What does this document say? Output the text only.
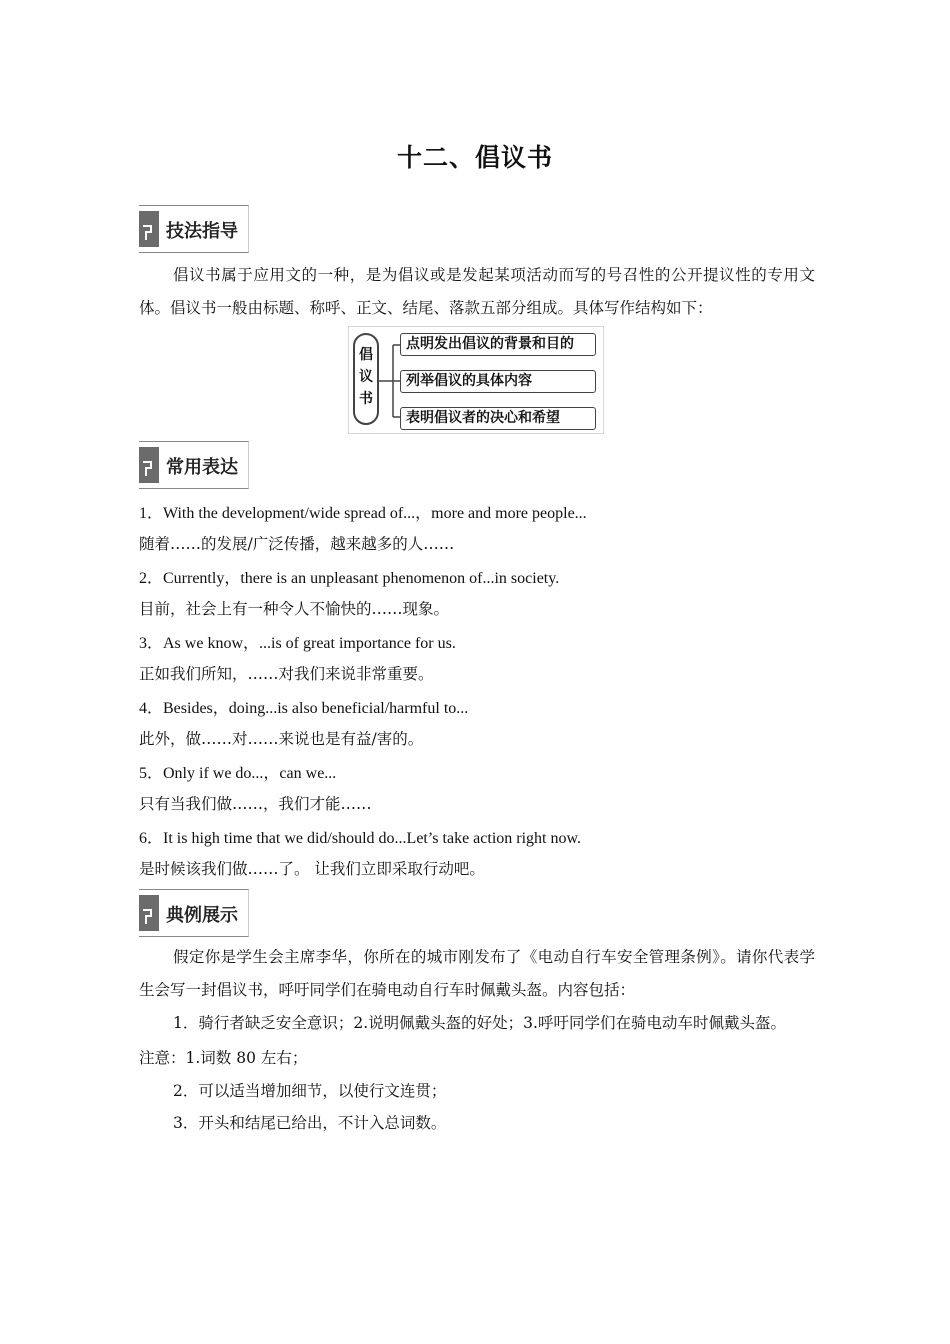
十二、倡议书
技法指导
倡议书属于应用文的一种，是为倡议或是发起某项活动而写的号召性的公开提议性的专用文体。倡议书一般由标题、称呼、正文、结尾、落款五部分组成。具体写作结构如下：
倡
议
书
点明发出倡议的背景和目的
列举倡议的具体内容
表明倡议者的决心和希望
常用表达
1．With the development/wide spread of...，more and more people...
随着……的发展/广泛传播，越来越多的人……
2．Currently，there is an unpleasant phenomenon of...in society.
目前，社会上有一种令人不愉快的……现象。
3．As we know，...is of great importance for us.
正如我们所知，……对我们来说非常重要。
4．Besides，doing...is also beneficial/harmful to...
此外，做……对……来说也是有益/害的。
5．Only if we do...，can we...
只有当我们做……，我们才能……
6．It is high time that we did/should do...Let’s take action right now.
是时候该我们做……了。 让我们立即采取行动吧。
典例展示
假定你是学生会主席李华，你所在的城市刚发布了《电动自行车安全管理条例》。请你代表学生会写一封倡议书，呼吁同学们在骑电动自行车时佩戴头盔。内容包括：
1．骑行者缺乏安全意识；2.说明佩戴头盔的好处；3.呼吁同学们在骑电动车时佩戴头盔。
注意：1.词数 80 左右；
2．可以适当增加细节，以使行文连贯；
3．开头和结尾已给出，不计入总词数。
